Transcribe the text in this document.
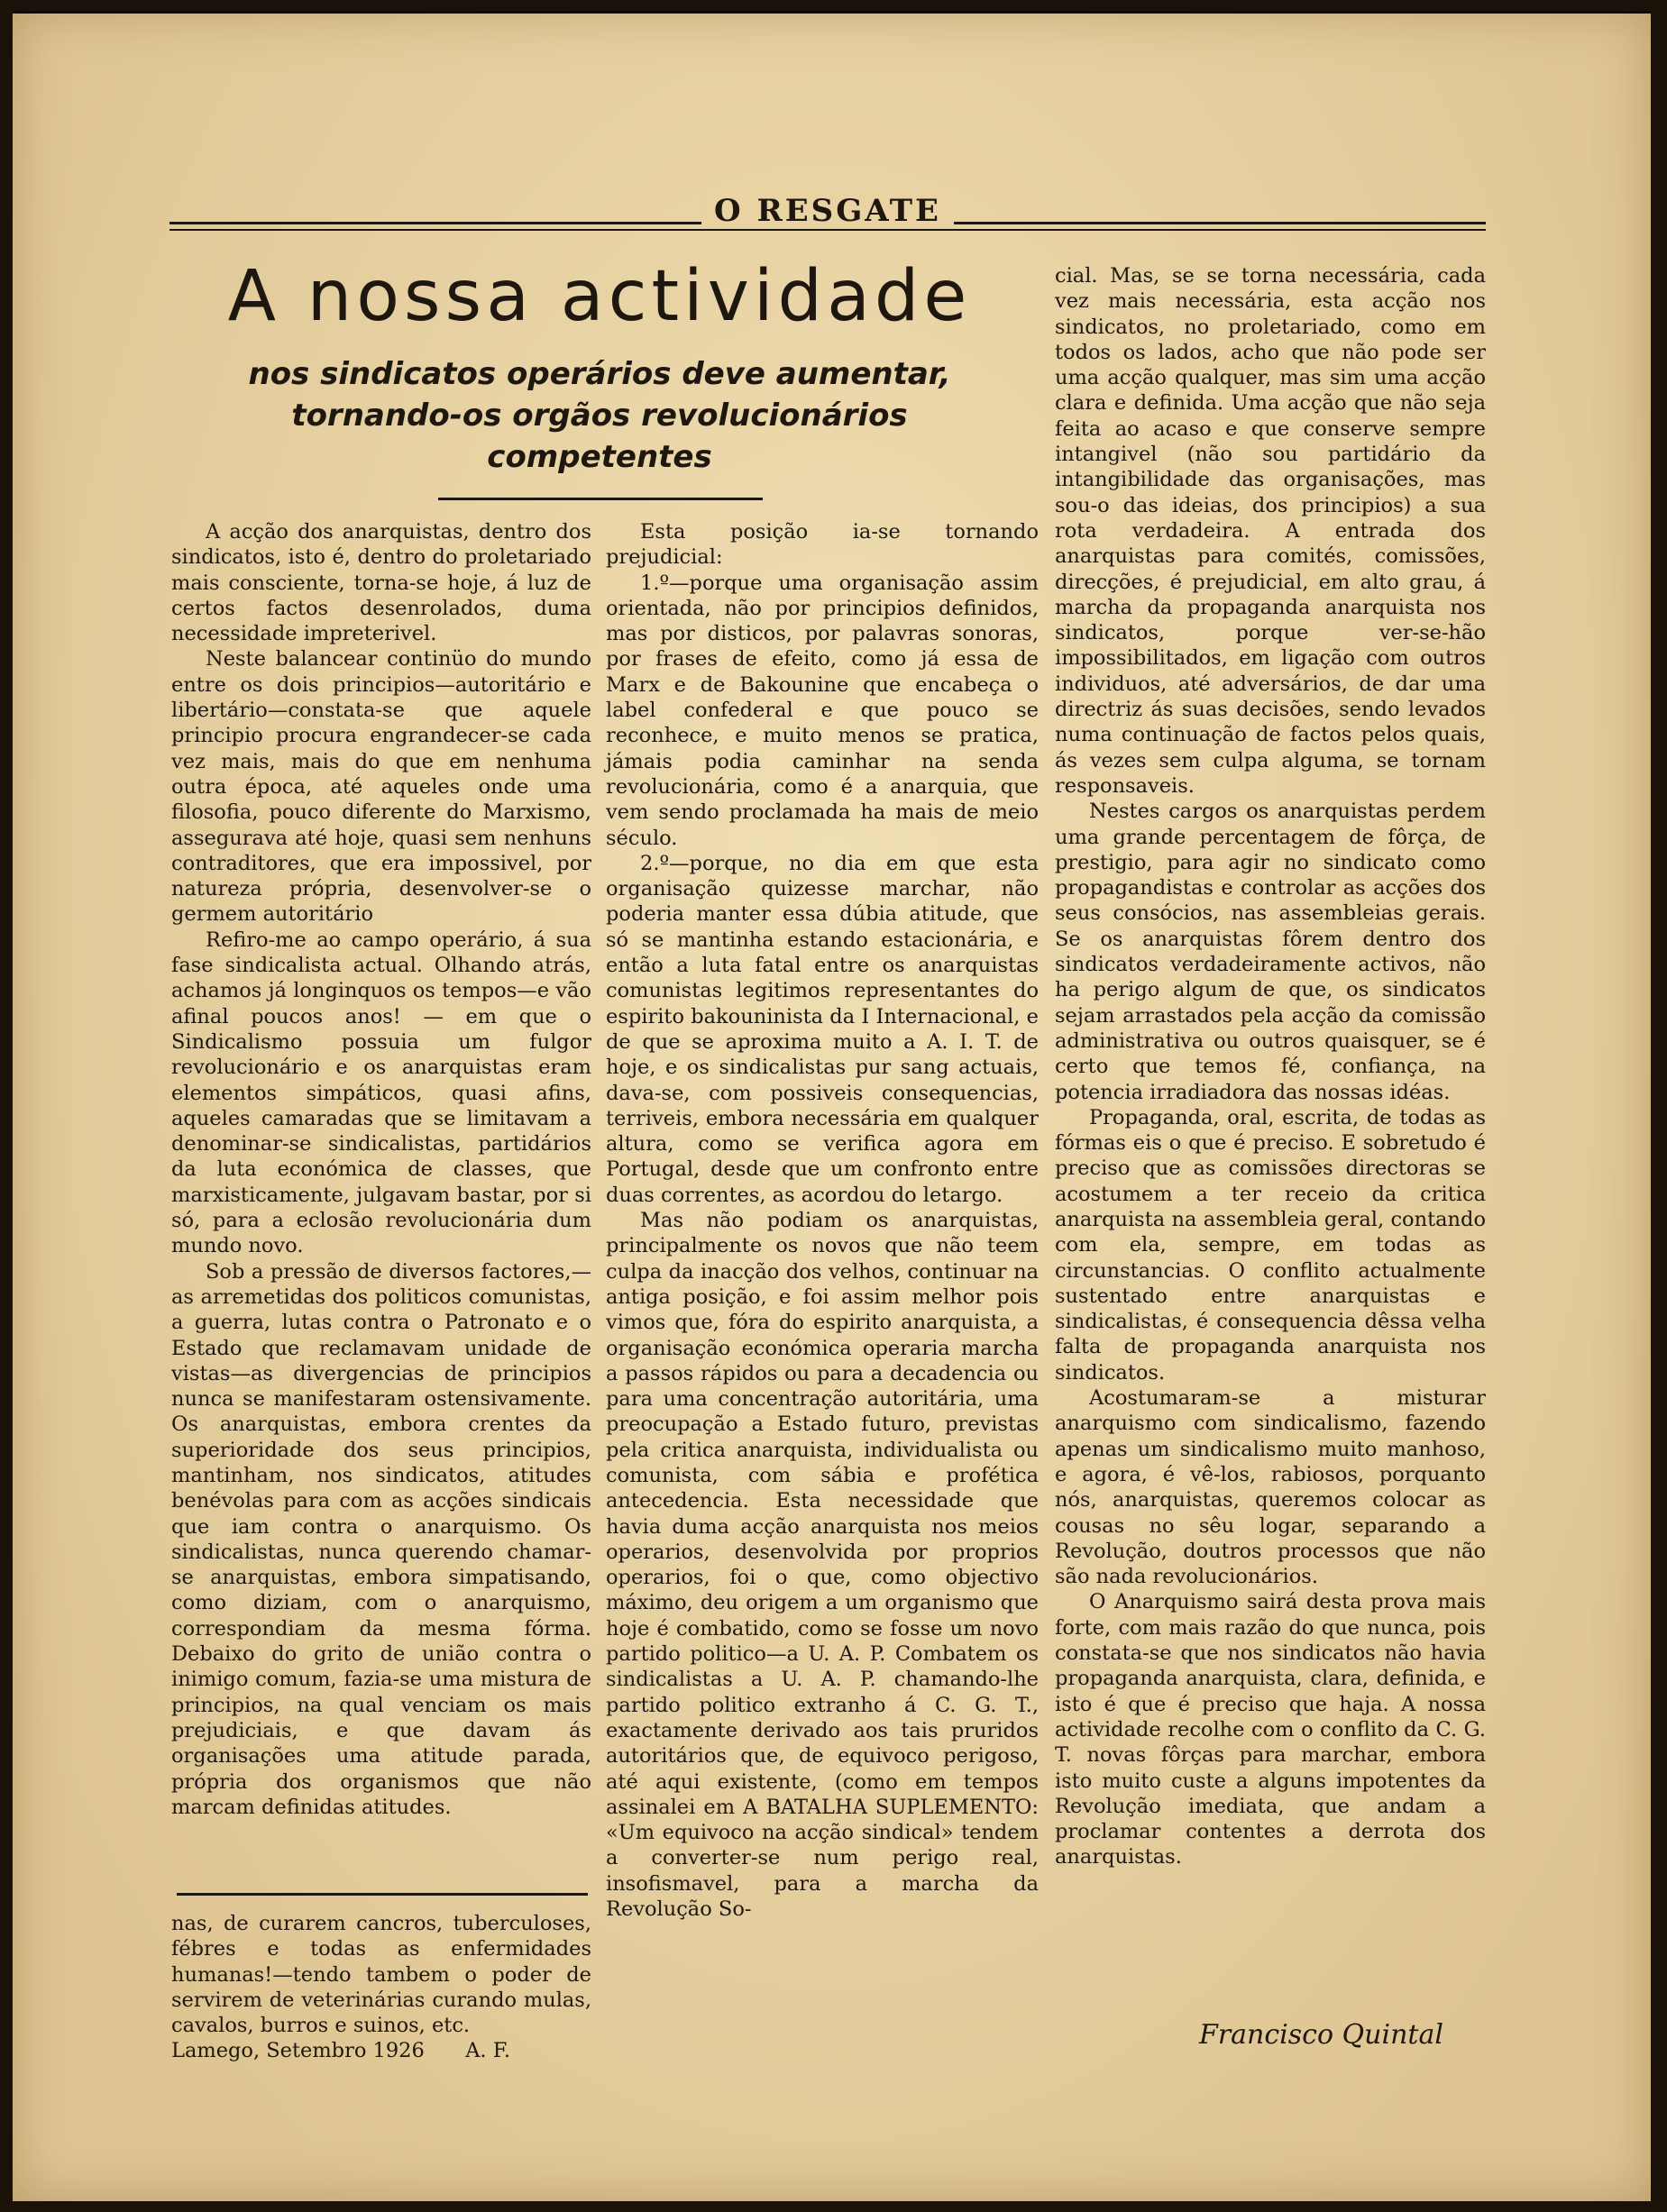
O RESGATE
A nossa actividade
nos sindicatos operários deve aumentar,
tornando-os orgãos revolucionários
competentes

A acção dos anarquistas, dentro dos sindicatos, isto é, dentro do proletariado mais consciente, torna-se hoje, á luz de certos factos desenrolados, duma necessidade impreterivel.

Neste balancear continüo do mundo entre os dois principios—autoritário e libertário—constata-se que aquele principio procura engrandecer-se cada vez mais, mais do que em nenhuma outra época, até aqueles onde uma filosofia, pouco diferente do Marxismo, assegurava até hoje, quasi sem nenhuns contraditores, que era impossivel, por natureza própria, desenvolver-se o germem autoritário

Refiro-me ao campo operário, á sua fase sindicalista actual. Olhando atrás, achamos já longinquos os tempos—e vão afinal poucos anos! — em que o Sindicalismo possuia um fulgor revolucionário e os anarquistas eram elementos simpáticos, quasi afins, aqueles camaradas que se limitavam a denominar-se sindicalistas, partidários da luta económica de classes, que marxisticamente, julgavam bastar, por si só, para a eclosão revolucionária dum mundo novo.

Sob a pressão de diversos factores,—as arremetidas dos politicos comunistas, a guerra, lutas contra o Patronato e o Estado que reclamavam unidade de vistas—as divergencias de principios nunca se manifestaram ostensivamente. Os anarquistas, embora crentes da superioridade dos seus principios, mantinham, nos sindicatos, atitudes benévolas para com as acções sindicais que iam contra o anarquismo. Os sindicalistas, nunca querendo chamar-se anarquistas, embora simpatisando, como diziam, com o anarquismo, correspondiam da mesma fórma. Debaixo do grito de união contra o inimigo comum, fazia-se uma mistura de principios, na qual venciam os mais prejudiciais, e que davam ás organisações uma atitude parada, própria dos organismos que não marcam definidas atitudes.

nas, de curarem cancros, tuberculoses, fébres e todas as enfermidades humanas!—tendo tambem o poder de servirem de veterinárias curando mulas, cavalos, burros e suinos, etc.

Lamego, Setembro 1926 A. F.

Esta posição ia-se tornando prejudicial:

1.º—porque uma organisação assim orientada, não por principios definidos, mas por disticos, por palavras sonoras, por frases de efeito, como já essa de Marx e de Bakounine que encabeça o label confederal e que pouco se reconhece, e muito menos se pratica, jámais podia caminhar na senda revolucionária, como é a anarquia, que vem sendo proclamada ha mais de meio século.

2.º—porque, no dia em que esta organisação quizesse marchar, não poderia manter essa dúbia atitude, que só se mantinha estando estacionária, e então a luta fatal entre os anarquistas comunistas legitimos representantes do espirito bakouninista da I Internacional, e de que se aproxima muito a A. I. T. de hoje, e os sindicalistas pur sang actuais, dava-se, com possiveis consequencias, terriveis, embora necessária em qualquer altura, como se verifica agora em Portugal, desde que um confronto entre duas correntes, as acordou do letargo.

Mas não podiam os anarquistas, principalmente os novos que não teem culpa da inacção dos velhos, continuar na antiga posição, e foi assim melhor pois vimos que, fóra do espirito anarquista, a organisação económica operaria marcha a passos rápidos ou para a decadencia ou para uma concentração autoritária, uma preocupação a Estado futuro, previstas pela critica anarquista, individualista ou comunista, com sábia e profética antecedencia. Esta necessidade que havia duma acção anarquista nos meios operarios, desenvolvida por proprios operarios, foi o que, como objectivo máximo, deu origem a um organismo que hoje é combatido, como se fosse um novo partido politico—a U. A. P. Combatem os sindicalistas a U. A. P. chamando-lhe partido politico extranho á C. G. T., exactamente derivado aos tais pruridos autoritários que, de equivoco perigoso, até aqui existente, (como em tempos assinalei em A BATALHA SUPLEMENTO: «Um equivoco na acção sindical» tendem a converter-se num perigo real, insofismavel, para a marcha da Revolução So-

cial. Mas, se se torna necessária, cada vez mais necessária, esta acção nos sindicatos, no proletariado, como em todos os lados, acho que não pode ser uma acção qualquer, mas sim uma acção clara e definida. Uma acção que não seja feita ao acaso e que conserve sempre intangivel (não sou partidário da intangibilidade das organisações, mas sou-o das ideias, dos principios) a sua rota verdadeira. A entrada dos anarquistas para comités, comissões, direcções, é prejudicial, em alto grau, á marcha da propaganda anarquista nos sindicatos, porque ver-se-hão impossibilitados, em ligação com outros individuos, até adversários, de dar uma directriz ás suas decisões, sendo levados numa continuação de factos pelos quais, ás vezes sem culpa alguma, se tornam responsaveis.

Nestes cargos os anarquistas perdem uma grande percentagem de fôrça, de prestigio, para agir no sindicato como propagandistas e controlar as acções dos seus consócios, nas assembleias gerais. Se os anarquistas fôrem dentro dos sindicatos verdadeiramente activos, não ha perigo algum de que, os sindicatos sejam arrastados pela acção da comissão administrativa ou outros quaisquer, se é certo que temos fé, confiança, na potencia irradiadora das nossas idéas.

Propaganda, oral, escrita, de todas as fórmas eis o que é preciso. E sobretudo é preciso que as comissões directoras se acostumem a ter receio da critica anarquista na assembleia geral, contando com ela, sempre, em todas as circunstancias. O conflito actualmente sustentado entre anarquistas e sindicalistas, é consequencia dêssa velha falta de propaganda anarquista nos sindicatos.

Acostumaram-se a misturar anarquismo com sindicalismo, fazendo apenas um sindicalismo muito manhoso, e agora, é vê-los, rabiosos, porquanto nós, anarquistas, queremos colocar as cousas no sêu logar, separando a Revolução, doutros processos que não são nada revolucionários.

O Anarquismo sairá desta prova mais forte, com mais razão do que nunca, pois constata-se que nos sindicatos não havia propaganda anarquista, clara, definida, e isto é que é preciso que haja. A nossa actividade recolhe com o conflito da C. G. T. novas fôrças para marchar, embora isto muito custe a alguns impotentes da Revolução imediata, que andam a proclamar contentes a derrota dos anarquistas.

Francisco Quintal
